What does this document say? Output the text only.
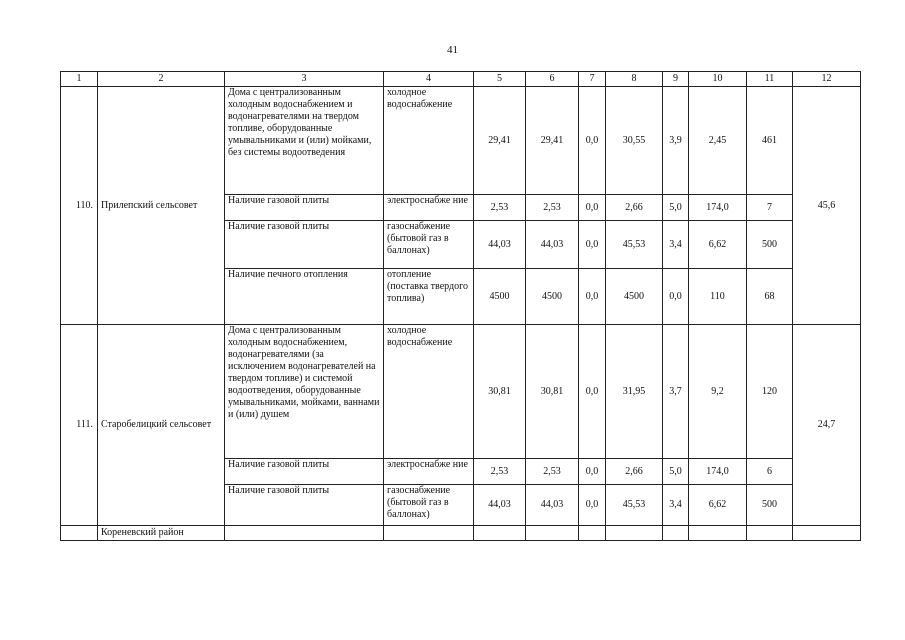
41
1	2	3	4	5	6	7	8	9	10	11	12
110.	Прилепский сельсовет	Дома с централизованным холодным водоснабжением и водонагревателями на твердом топливе, оборудованные умывальниками и (или) мойками, без системы водоотведения	холодное водоснабжение	29,41	29,41	0,0	30,55	3,9	2,45	461	45,6
		Наличие газовой плиты	электроснабже ние	2,53	2,53	0,0	2,66	5,0	174,0	7	
		Наличие газовой плиты	газоснабжение (бытовой газ в баллонах)	44,03	44,03	0,0	45,53	3,4	6,62	500	
		Наличие печного отопления	отопление (поставка твердого топлива)	4500	4500	0,0	4500	0,0	110	68	
111.	Старобелицкий сельсовет	Дома с централизованным холодным водоснабжением, водонагревателями (за исключением водонагревателей на твердом топливе) и системой водоотведения, оборудованные умывальниками, мойками, ваннами и (или) душем	холодное водоснабжение	30,81	30,81	0,0	31,95	3,7	9,2	120	24,7
		Наличие газовой плиты	электроснабже ние	2,53	2,53	0,0	2,66	5,0	174,0	6	
		Наличие газовой плиты	газоснабжение (бытовой газ в баллонах)	44,03	44,03	0,0	45,53	3,4	6,62	500	
	Кореневский район										
